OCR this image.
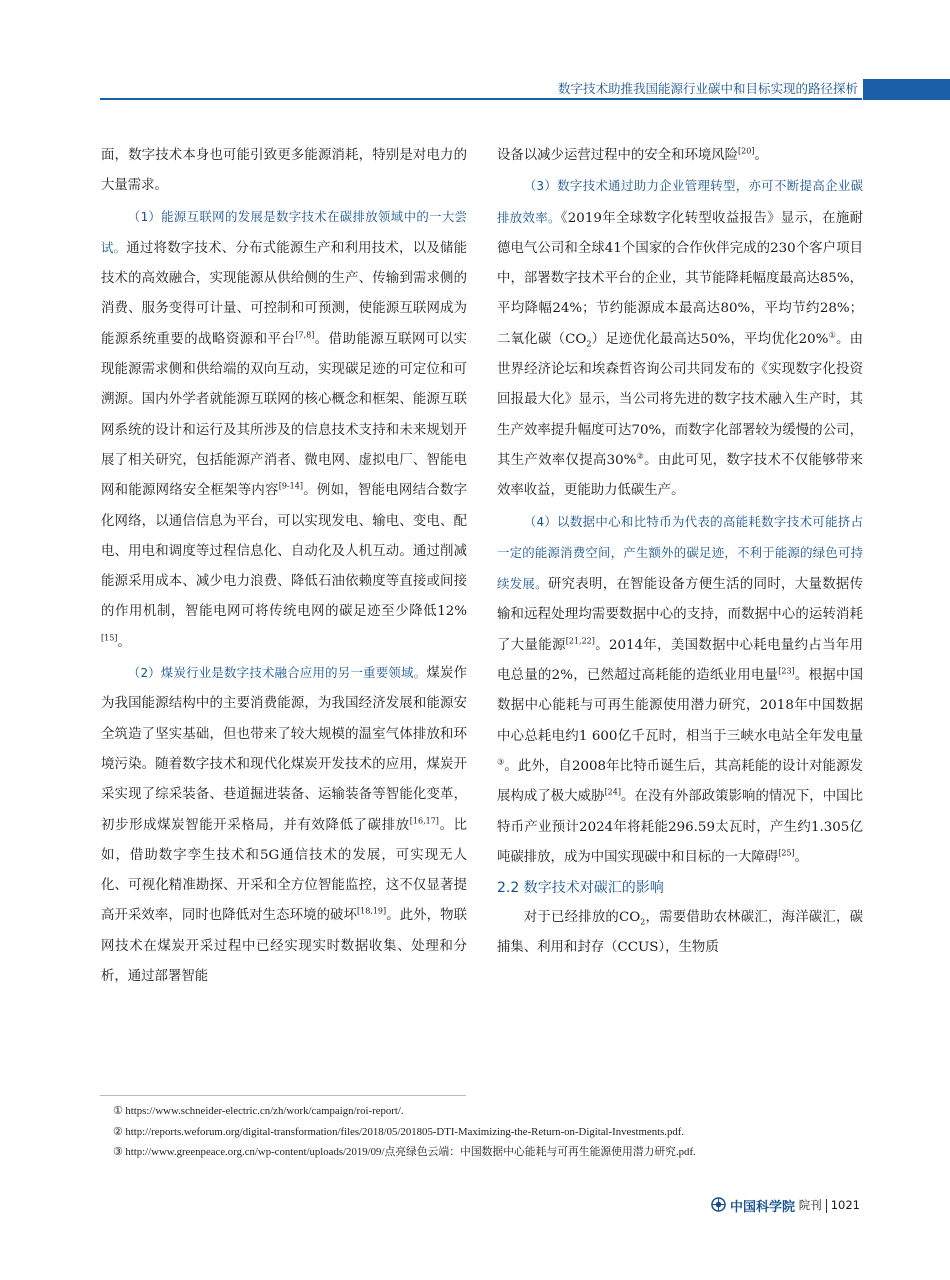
数字技术助推我国能源行业碳中和目标实现的路径探析

面，数字技术本身也可能引致更多能源消耗，特别是对电力的大量需求。

（1）能源互联网的发展是数字技术在碳排放领域中的一大尝试。通过将数字技术、分布式能源生产和利用技术，以及储能技术的高效融合，实现能源从供给侧的生产、传输到需求侧的消费、服务变得可计量、可控制和可预测，使能源互联网成为能源系统重要的战略资源和平台[7,8]。借助能源互联网可以实现能源需求侧和供给端的双向互动，实现碳足迹的可定位和可溯源。国内外学者就能源互联网的核心概念和框架、能源互联网系统的设计和运行及其所涉及的信息技术支持和未来规划开展了相关研究，包括能源产消者、微电网、虚拟电厂、智能电网和能源网络安全框架等内容[9-14]。例如，智能电网结合数字化网络，以通信信息为平台，可以实现发电、输电、变电、配电、用电和调度等过程信息化、自动化及人机互动。通过削减能源采用成本、减少电力浪费、降低石油依赖度等直接或间接的作用机制，智能电网可将传统电网的碳足迹至少降低12%[15]。

（2）煤炭行业是数字技术融合应用的另一重要领域。煤炭作为我国能源结构中的主要消费能源，为我国经济发展和能源安全筑造了坚实基础，但也带来了较大规模的温室气体排放和环境污染。随着数字技术和现代化煤炭开发技术的应用，煤炭开采实现了综采装备、巷道掘进装备、运输装备等智能化变革，初步形成煤炭智能开采格局，并有效降低了碳排放[16,17]。比如，借助数字孪生技术和5G通信技术的发展，可实现无人化、可视化精准勘探、开采和全方位智能监控，这不仅显著提高开采效率，同时也降低对生态环境的破坏[18,19]。此外，物联网技术在煤炭开采过程中已经实现实时数据收集、处理和分析，通过部署智能

设备以减少运营过程中的安全和环境风险[20]。

（3）数字技术通过助力企业管理转型，亦可不断提高企业碳排放效率。《2019年全球数字化转型收益报告》显示，在施耐德电气公司和全球41个国家的合作伙伴完成的230个客户项目中，部署数字技术平台的企业，其节能降耗幅度最高达85%，平均降幅24%；节约能源成本最高达80%，平均节约28%；二氧化碳$(CO_2)$足迹优化最高达50%，平均优化20%①。由世界经济论坛和埃森哲咨询公司共同发布的《实现数字化投资回报最大化》显示，当公司将先进的数字技术融入生产时，其生产效率提升幅度可达70%，而数字化部署较为缓慢的公司，其生产效率仅提高30%②。由此可见，数字技术不仅能够带来效率收益，更能助力低碳生产。

（4）以数据中心和比特币为代表的高能耗数字技术可能挤占一定的能源消费空间，产生额外的碳足迹，不利于能源的绿色可持续发展。研究表明，在智能设备方便生活的同时，大量数据传输和远程处理均需要数据中心的支持，而数据中心的运转消耗了大量能源[21,22]。2014年，美国数据中心耗电量约占当年用电总量的2%，已然超过高耗能的造纸业用电量[23]。根据中国数据中心能耗与可再生能源使用潜力研究，2018年中国数据中心总耗电约1 600亿千瓦时，相当于三峡水电站全年发电量③。此外，自2008年比特币诞生后，其高耗能的设计对能源发展构成了极大威胁[24]。在没有外部政策影响的情况下，中国比特币产业预计2024年将耗能296.59太瓦时，产生约1.305亿吨碳排放，成为中国实现碳中和目标的一大障碍[25]。

2.2 数字技术对碳汇的影响

对于已经排放的$CO_2$，需要借助农林碳汇，海洋碳汇，碳捕集、利用和封存（CCUS），生物质

① https://www.schneider-electric.cn/zh/work/campaign/roi-report/.
② http://reports.weforum.org/digital-transformation/files/2018/05/201805-DTI-Maximizing-the-Return-on-Digital-Investments.pdf.
③ http://www.greenpeace.org.cn/wp-content/uploads/2019/09/点亮绿色云端：中国数据中心能耗与可再生能源使用潜力研究.pdf.
中国科学院 院刊 1021
